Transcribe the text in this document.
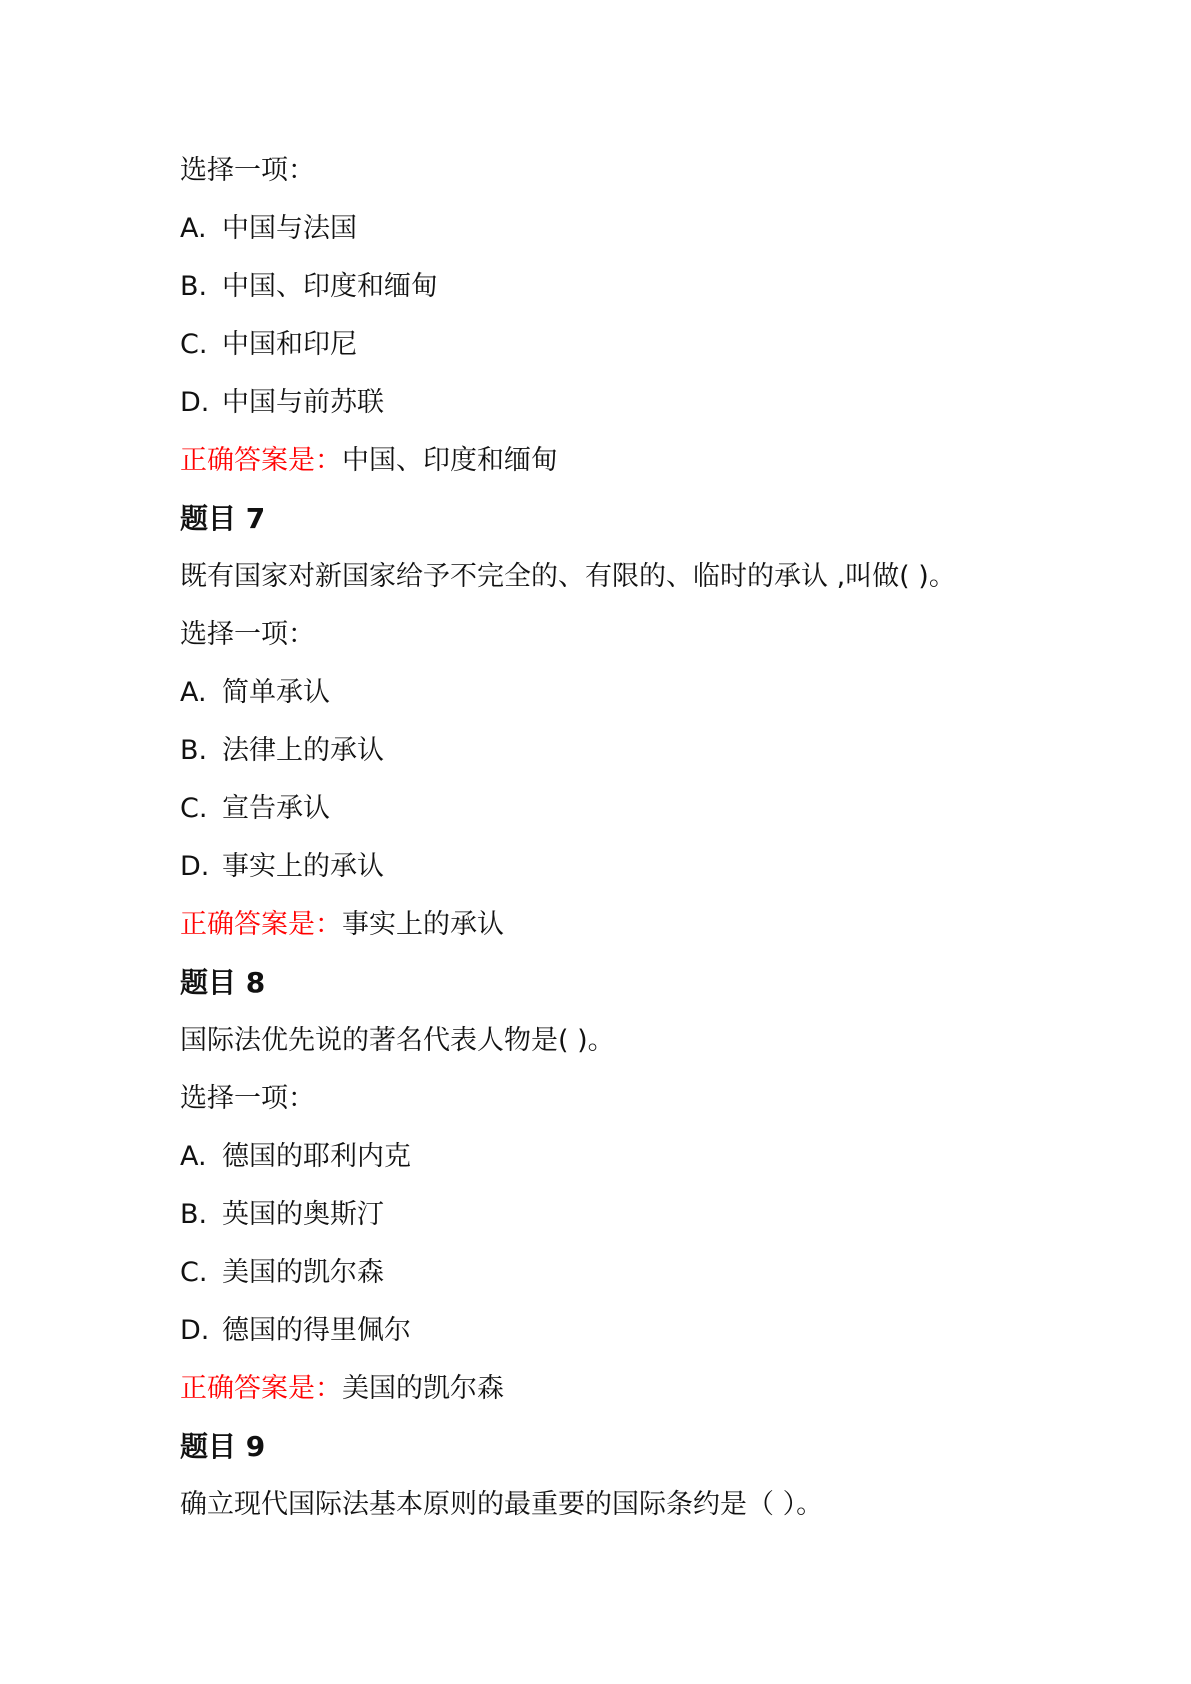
选择一项：
A. 中国与法国
B. 中国、印度和缅甸
C. 中国和印尼
D. 中国与前苏联
正确答案是：中国、印度和缅甸
题目 7
既有国家对新国家给予不完全的、有限的、临时的承认 ,叫做( )。
选择一项：
A. 简单承认
B. 法律上的承认
C. 宣告承认
D. 事实上的承认
正确答案是：事实上的承认
题目 8
国际法优先说的著名代表人物是( )。
选择一项：
A. 德国的耶利内克
B. 英国的奥斯汀
C. 美国的凯尔森
D. 德国的得里佩尔
正确答案是：美国的凯尔森
题目 9
确立现代国际法基本原则的最重要的国际条约是（ ）。
